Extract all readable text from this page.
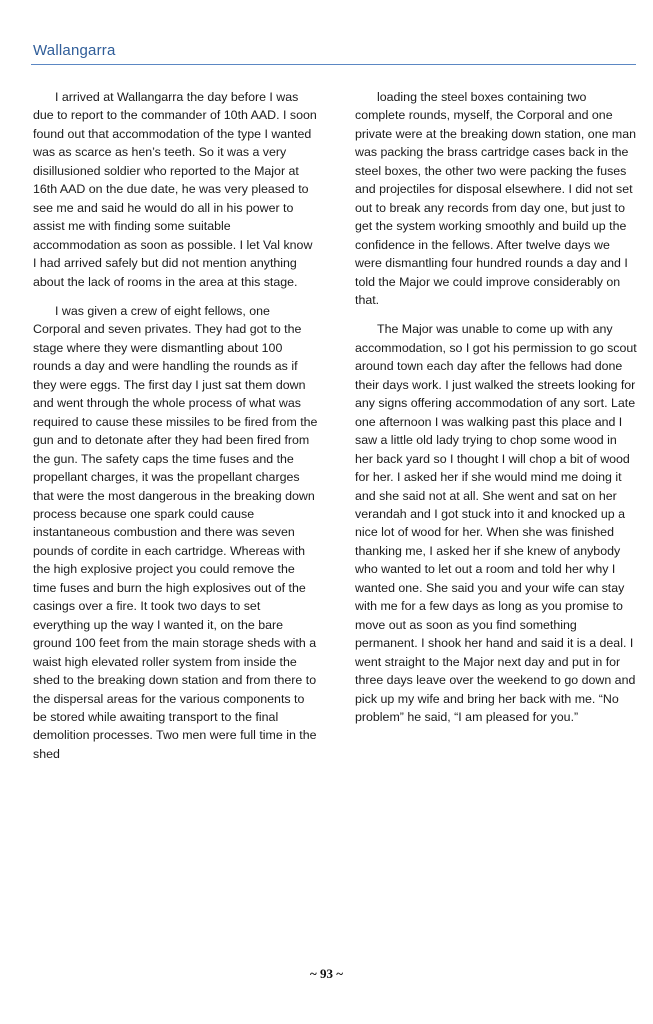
Wallangarra

I arrived at Wallangarra the day before I was due to report to the commander of 10th AAD. I soon found out that accommodation of the type I wanted was as scarce as hen’s teeth. So it was a very disillusioned soldier who reported to the Major at 16th AAD on the due date, he was very pleased to see me and said he would do all in his power to assist me with finding some suitable accommodation as soon as possible. I let Val know I had arrived safely but did not mention anything about the lack of rooms in the area at this stage.

I was given a crew of eight fellows, one Corporal and seven privates. They had got to the stage where they were dismantling about 100 rounds a day and were handling the rounds as if they were eggs. The first day I just sat them down and went through the whole process of what was required to cause these missiles to be fired from the gun and to detonate after they had been fired from the gun. The safety caps the time fuses and the propellant charges, it was the propellant charges that were the most dangerous in the breaking down process because one spark could cause instantaneous combustion and there was seven pounds of cordite in each cartridge. Whereas with the high explosive project you could remove the time fuses and burn the high explosives out of the casings over a fire. It took two days to set everything up the way I wanted it, on the bare ground 100 feet from the main storage sheds with a waist high elevated roller system from inside the shed to the breaking down station and from there to the dispersal areas for the various components to be stored while awaiting transport to the final demolition processes. Two men were full time in the shed

loading the steel boxes containing two complete rounds, myself, the Corporal and one private were at the breaking down station, one man was packing the brass cartridge cases back in the steel boxes, the other two were packing the fuses and projectiles for disposal elsewhere. I did not set out to break any records from day one, but just to get the system working smoothly and build up the confidence in the fellows. After twelve days we were dismantling four hundred rounds a day and I told the Major we could improve considerably on that.

The Major was unable to come up with any accommodation, so I got his permission to go scout around town each day after the fellows had done their days work. I just walked the streets looking for any signs offering accommodation of any sort. Late one afternoon I was walking past this place and I saw a little old lady trying to chop some wood in her back yard so I thought I will chop a bit of wood for her. I asked her if she would mind me doing it and she said not at all. She went and sat on her verandah and I got stuck into it and knocked up a nice lot of wood for her. When she was finished thanking me, I asked her if she knew of anybody who wanted to let out a room and told her why I wanted one. She said you and your wife can stay with me for a few days as long as you promise to move out as soon as you find something permanent. I shook her hand and said it is a deal. I went straight to the Major next day and put in for three days leave over the weekend to go down and pick up my wife and bring her back with me. “No problem” he said, “I am pleased for you.”

~ 93 ~
